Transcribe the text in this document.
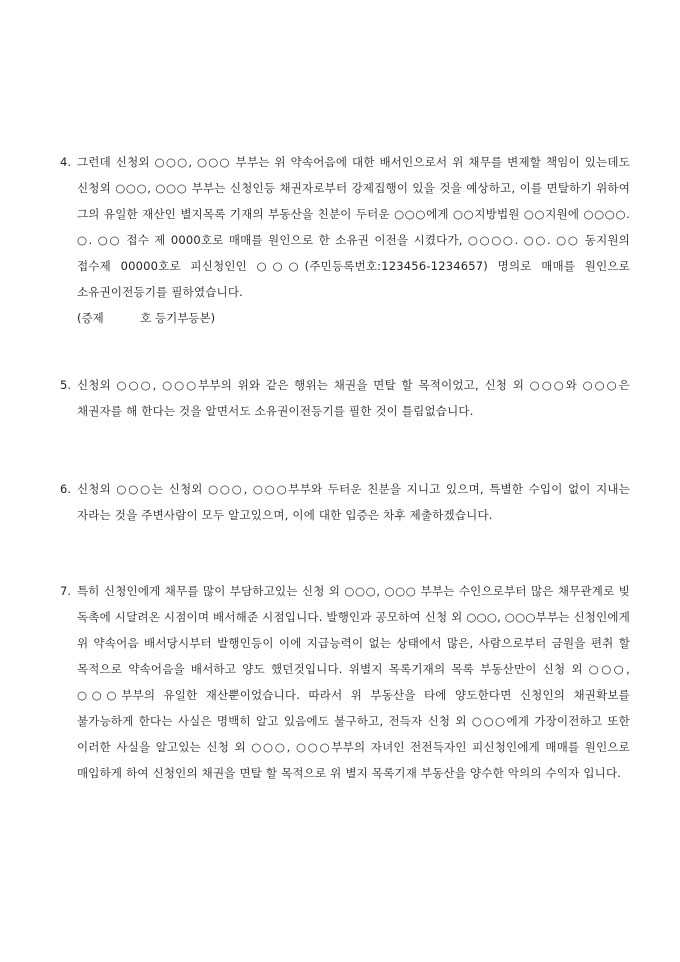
4. 그런데 신청외 ○○○, ○○○ 부부는 위 약속어음에 대한 배서인으로서 위 채무를 변제할 책임이 있는데도 신청외 ○○○, ○○○ 부부는 신청인등 채권자로부터 강제집행이 있을 것을 예상하고, 이를 면탈하기 위하여 그의 유일한 재산인 별지목록 기재의 부동산을 친분이 두터운 ○○○에게 ○○지방법원 ○○지원에 ○○○○. ○. ○○ 접수 제 0000호로 매매를 원인으로 한 소유권 이전을 시켰다가, ○○○○. ○○. ○○ 동지원의 접수제 00000호로 피신청인인 ○○○(주민등록번호:123456-1234657) 명의로 매매를 원인으로 소유권이전등기를 필하였습니다.

(증제          호 등기부등본)

5. 신청외 ○○○, ○○○부부의 위와 같은 행위는 채권을 면탈 할 목적이었고, 신청 외 ○○○와 ○○○은 채권자를 해 한다는 것을 알면서도 소유권이전등기를 필한 것이 틀림없습니다.

6. 신청외 ○○○는 신청외 ○○○, ○○○부부와 두터운 친분을 지니고 있으며, 특별한 수입이 없이 지내는 자라는 것을 주변사람이 모두 알고있으며, 이에 대한 입증은 차후 제출하겠습니다.

7. 특히 신청인에게 채무를 많이 부담하고있는 신청 외 ○○○, ○○○ 부부는 수인으로부터 많은 채무관계로 빚 독촉에 시달려온 시점이며 배서해준 시점입니다. 발행인과 공모하여 신청 외 ○○○, ○○○부부는 신청인에게 위 약속어음 배서당시부터 발행인등이 이에 지급능력이 없는 상태에서 많은, 사람으로부터 금원을 편취 할 목적으로 약속어음을 배서하고 양도 했던것입니다. 위별지 목록기재의 목록 부동산만이 신청 외 ○○○, ○○○부부의 유일한 재산뿐이었습니다. 따라서 위 부동산을 타에 양도한다면 신청인의 채권확보를 불가능하게 한다는 사실은 명백히 알고 있음에도 불구하고, 전득자 신청 외 ○○○에게 가장이전하고 또한 이러한 사실을 알고있는 신청 외 ○○○, ○○○부부의 자녀인 전전득자인 피신청인에게 매매를 원인으로 매입하게 하여 신청인의 채권을 면탈 할 목적으로 위 별지 목록기재 부동산을 양수한 악의의 수익자 입니다.
